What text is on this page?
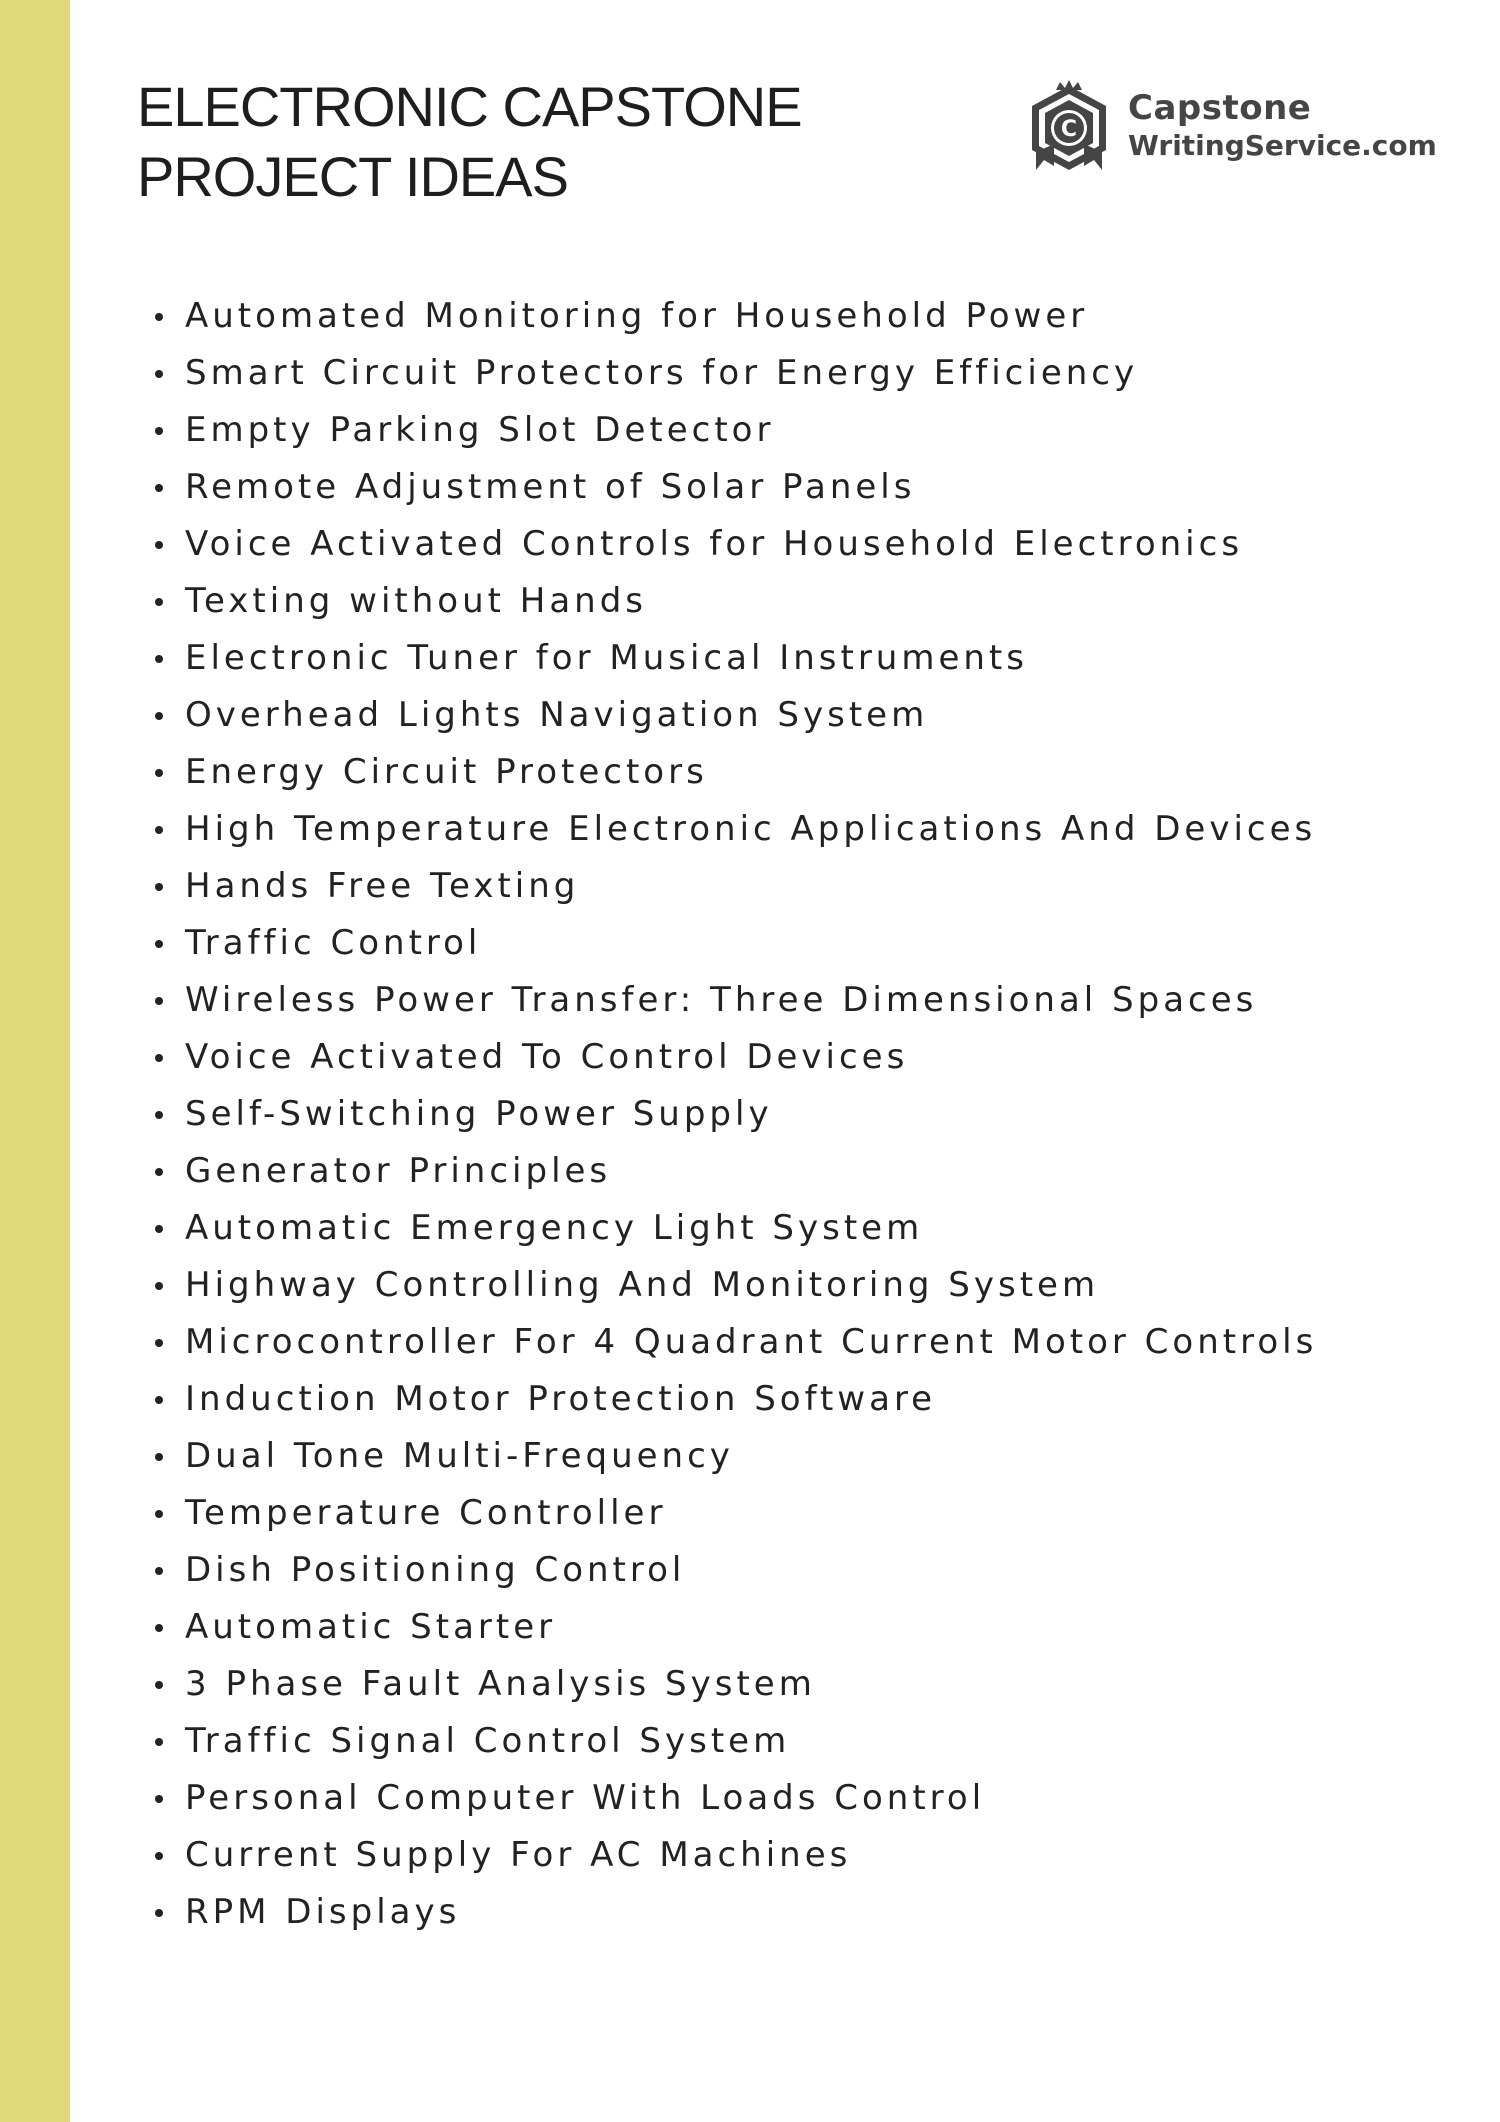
ELECTRONIC CAPSTONE
PROJECT IDEAS
C
Capstone
WritingService.com
Automated Monitoring for Household Power
Smart Circuit Protectors for Energy Efficiency
Empty Parking Slot Detector
Remote Adjustment of Solar Panels
Voice Activated Controls for Household Electronics
Texting without Hands
Electronic Tuner for Musical Instruments
Overhead Lights Navigation System
Energy Circuit Protectors
High Temperature Electronic Applications And Devices
Hands Free Texting
Traffic Control
Wireless Power Transfer: Three Dimensional Spaces
Voice Activated To Control Devices
Self-Switching Power Supply
Generator Principles
Automatic Emergency Light System
Highway Controlling And Monitoring System
Microcontroller For 4 Quadrant Current Motor Controls
Induction Motor Protection Software
Dual Tone Multi-Frequency
Temperature Controller
Dish Positioning Control
Automatic Starter
3 Phase Fault Analysis System
Traffic Signal Control System
Personal Computer With Loads Control
Current Supply For AC Machines
RPM Displays
